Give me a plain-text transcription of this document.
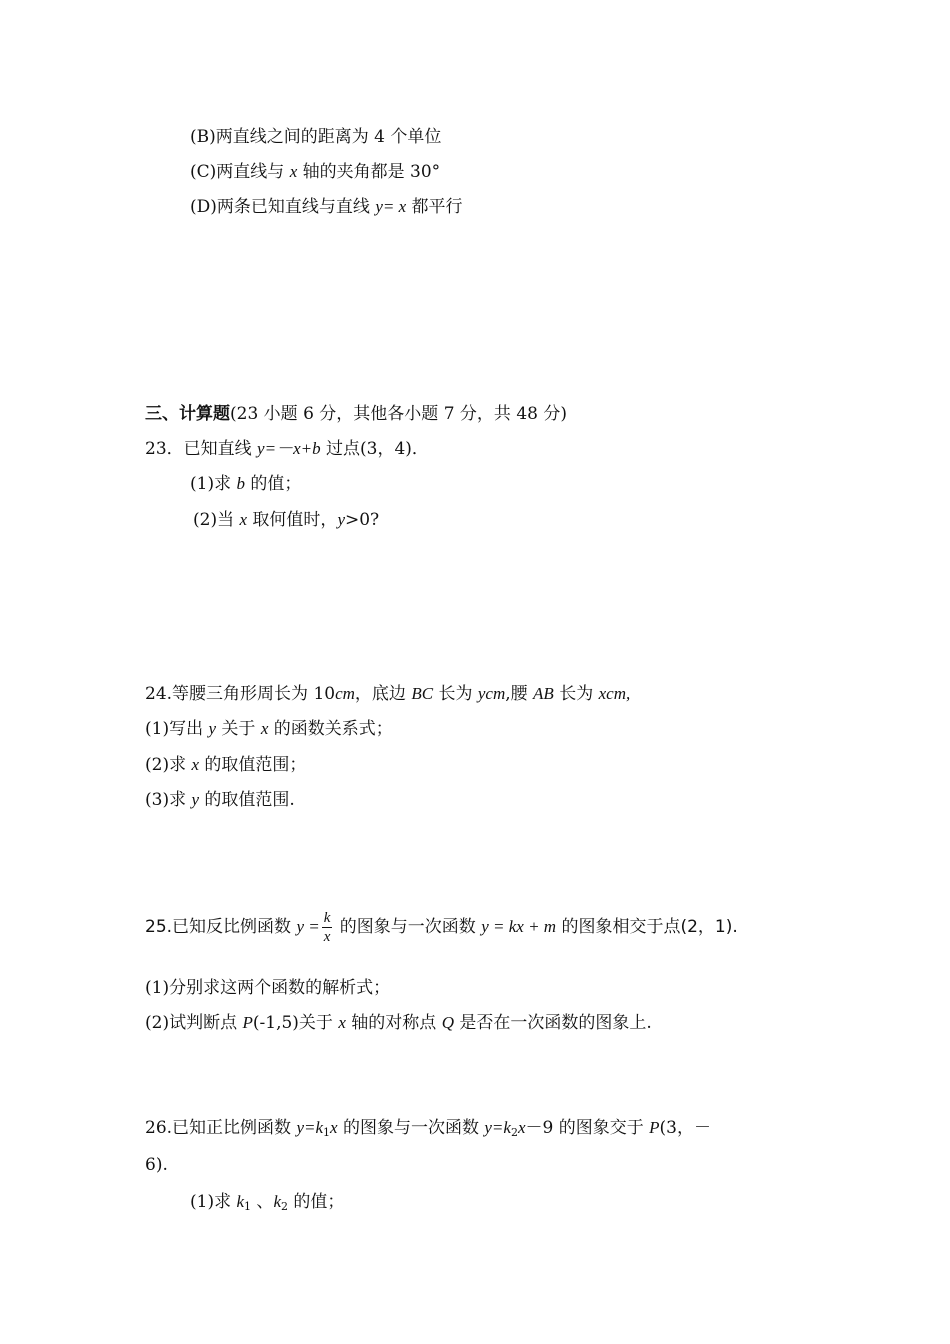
(B)两直线之间的距离为 4 个单位
(C)两直线与 x 轴的夹角都是 30°
(D)两条已知直线与直线 y= x 都平行
三、计算题(23 小题 6 分，其他各小题 7 分，共 48 分)
23．已知直线 y=－x+b 过点(3，4)．
(1)求 b 的值；
(2)当 x 取何值时，y>0?
24.等腰三角形周长为 10cm，底边 BC 长为 ycm,腰 AB 长为 xcm,
(1)写出 y 关于 x 的函数关系式；
(2)求 x 的取值范围；
(3)求 y 的取值范围.
25.已知反比例函数 $y = \frac{k}{x}$ 的图象与一次函数 y = kx + m 的图象相交于点(2，1).
(1)分别求这两个函数的解析式；
(2)试判断点 P(-1,5)关于 x 轴的对称点 Q 是否在一次函数的图象上.
26.已知正比例函数 $y=k_1x$ 的图象与一次函数 $y=k_2x-9$ 的图象交于 P(3，－
6).
(1)求 $k_1$ 、$k_2$ 的值；
